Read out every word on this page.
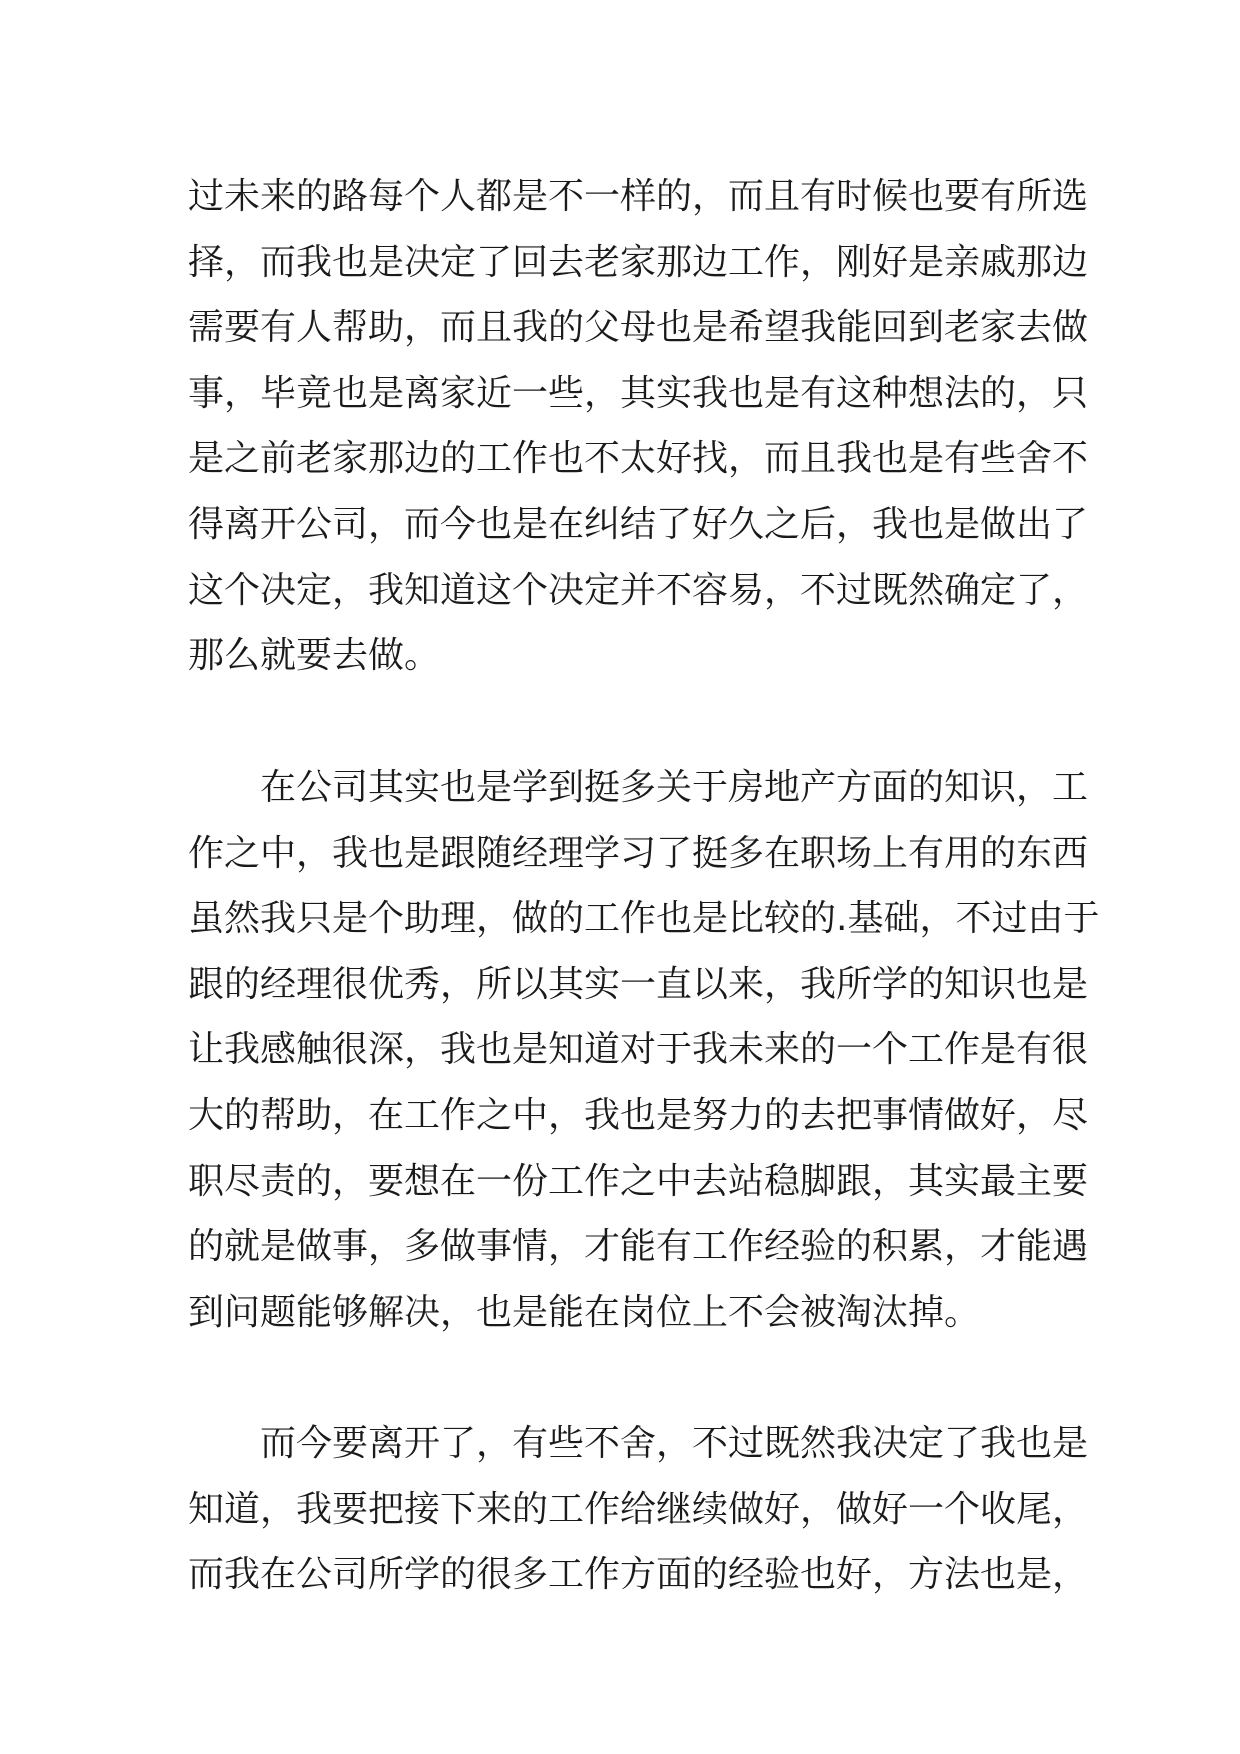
过未来的路每个人都是不一样的，而且有时候也要有所选
择，而我也是决定了回去老家那边工作，刚好是亲戚那边
需要有人帮助，而且我的父母也是希望我能回到老家去做
事，毕竟也是离家近一些，其实我也是有这种想法的，只
是之前老家那边的工作也不太好找，而且我也是有些舍不
得离开公司，而今也是在纠结了好久之后，我也是做出了
这个决定，我知道这个决定并不容易，不过既然确定了，
那么就要去做。
　　在公司其实也是学到挺多关于房地产方面的知识，工
作之中，我也是跟随经理学习了挺多在职场上有用的东西
虽然我只是个助理，做的工作也是比较的.基础，不过由于
跟的经理很优秀，所以其实一直以来，我所学的知识也是
让我感触很深，我也是知道对于我未来的一个工作是有很
大的帮助，在工作之中，我也是努力的去把事情做好，尽
职尽责的，要想在一份工作之中去站稳脚跟，其实最主要
的就是做事，多做事情，才能有工作经验的积累，才能遇
到问题能够解决，也是能在岗位上不会被淘汰掉。
　　而今要离开了，有些不舍，不过既然我决定了我也是
知道，我要把接下来的工作给继续做好，做好一个收尾，
而我在公司所学的很多工作方面的经验也好，方法也是，
